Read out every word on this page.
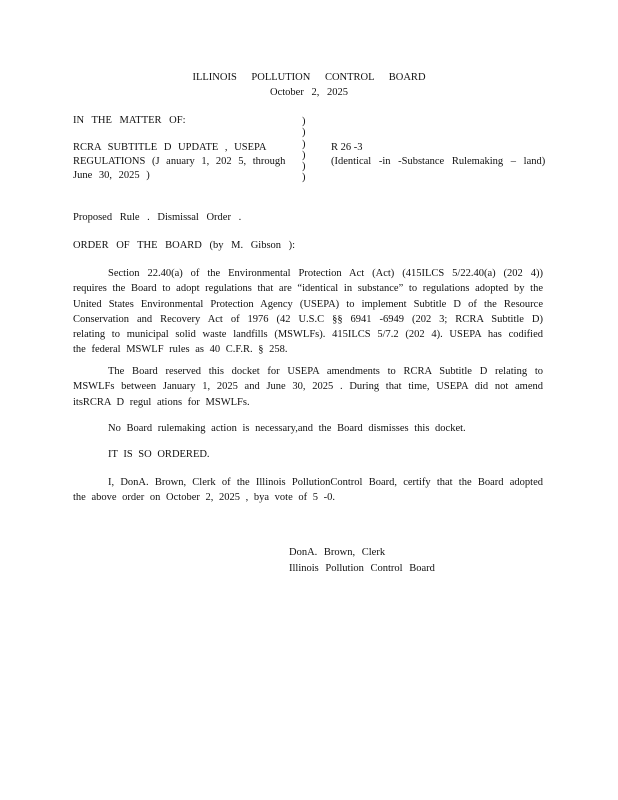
ILLINOIS POLLUTION CONTROL BOARD
October 2, 2025
IN THE MATTER OF:
RCRA SUBTITLE D UPDATE , USEPA
REGULATIONS (J anuary 1, 202 5, through
June 30, 2025 )
)
)
)
)
)
)
R 26 -3
(Identical -in -Substance Rulemaking – land)
Proposed Rule . Dismissal Order .
ORDER OF THE BOARD (by M. Gibson ):
Section 22.40(a) of the Environmental Protection Act (Act) (415ILCS 5/22.40(a) (202 4)) requires the Board to adopt regulations that are “identical in substance” to regulations adopted by the United States Environmental Protection Agency (USEPA) to implement Subtitle D of the Resource Conservation and Recovery Act of 1976 (42 U.S.C §§ 6941 -6949 (202 3; RCRA Subtitle D) relating to municipal solid waste landfills (MSWLFs). 415ILCS 5/7.2 (202 4). USEPA has codified the federal MSWLF rules as 40 C.F.R. § 258.
The Board reserved this docket for USEPA amendments to RCRA Subtitle D relating to MSWLFs between January 1, 2025 and June 30, 2025 . During that time, USEPA did not amend itsRCRA D regul ations for MSWLFs.
No Board rulemaking action is necessary,and the Board dismisses this docket.
IT IS SO ORDERED.
I, DonA. Brown, Clerk of the Illinois PollutionControl Board, certify that the Board adopted the above order on October 2, 2025 , bya vote of 5 -0.
DonA. Brown, Clerk
Illinois Pollution Control Board
